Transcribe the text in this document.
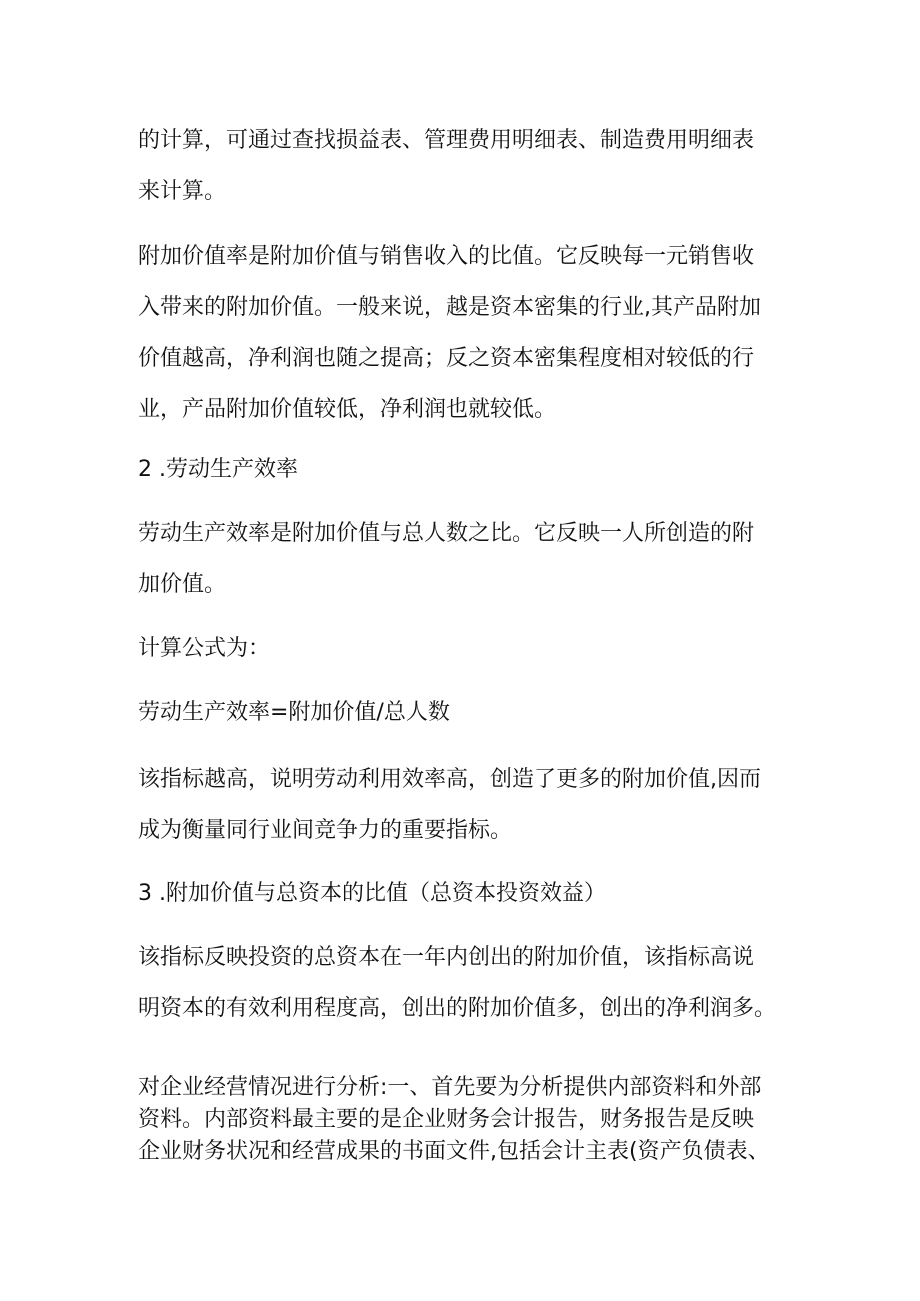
的计算，可通过查找损益表、管理费用明细表、制造费用明细表
来计算。
附加价值率是附加价值与销售收入的比值。它反映每一元销售收
入带来的附加价值。一般来说，越是资本密集的行业,其产品附加
价值越高，净利润也随之提高；反之资本密集程度相对较低的行
业，产品附加价值较低，净利润也就较低。
2 .劳动生产效率
劳动生产效率是附加价值与总人数之比。它反映一人所创造的附
加价值。
计算公式为：
劳动生产效率=附加价值/总人数
该指标越高，说明劳动利用效率高，创造了更多的附加价值,因而
成为衡量同行业间竞争力的重要指标。
3 .附加价值与总资本的比值（总资本投资效益）
该指标反映投资的总资本在一年内创出的附加价值，该指标高说
明资本的有效利用程度高，创出的附加价值多，创出的净利润多。
对企业经营情况进行分析:一、首先要为分析提供内部资料和外部
资料。内部资料最主要的是企业财务会计报告，财务报告是反映
企业财务状况和经营成果的书面文件,包括会计主表(资产负债表、
